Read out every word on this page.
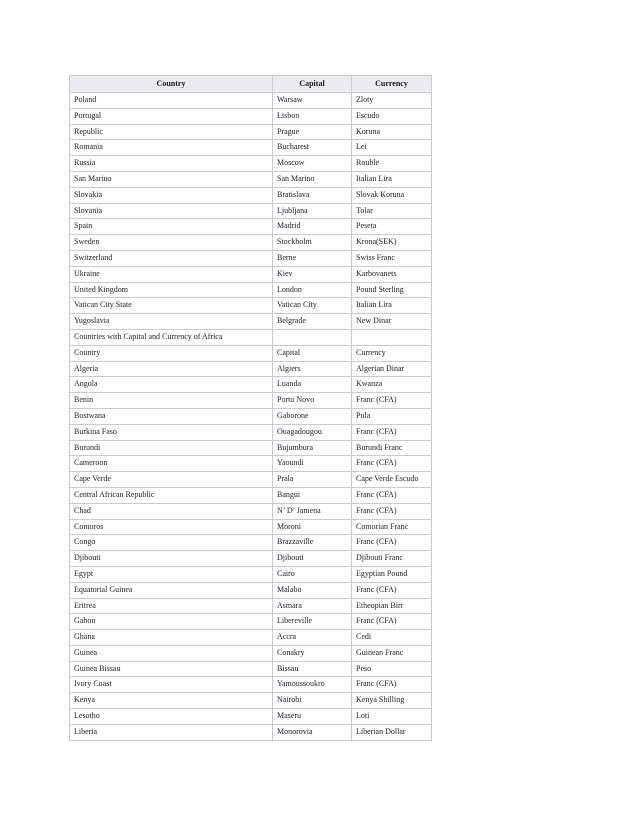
Country	Capital	Currency
Poland	Warsaw	Zloty
Portugal	Lisbon	Escudo
Republic	Prague	Koruna
Romania	Bucharest	Lei
Russia	Moscow	Rouble
San Marino	San Marino	Italian Lira
Slovakia	Bratislava	Slovak Koruna
Slovania	Ljubljana	Tolar
Spain	Madrid	Peseta
Sweden	Stockholm	Krona(SEK)
Switzerland	Berne	Swiss Franc
Ukraine	Kiev	Karbovanets
United Kingdom	London	Pound Sterling
Vatican City State	Vatican City	Italian Lira
Yugoslavia	Belgrade	New Dinar
Countries with Capital and Currency of Africa		
Country	Capital	Currency
Algeria	Algiers	Algerian Dinar
Angola	Luanda	Kwanza
Benin	Porto Novo	Franc (CFA)
Bostwana	Gaborone	Pula
Burkina Faso	Ouagadougou	Franc (CFA)
Burundi	Bujumbura	Burundi Franc
Cameroon	Yaoundi	Franc (CFA)
Cape Verde	Prala	Cape Verde Escudo
Central African Republic	Bangui	Franc (CFA)
Chad	N’ D’ Jamena	Franc (CFA)
Comoros	Moroni	Comorian Franc
Congo	Brazzaville	Franc (CFA)
Djibouti	Djibouti	Djibouti Franc
Egypt	Cairo	Egyptian Pound
Equatorial Guinea	Malabo	Franc (CFA)
Eritrea	Asmara	Etheopian Birr
Gabon	Libereville	Franc (CFA)
Ghana	Accra	Cedi
Guinea	Conakry	Guinean Franc
Guinea Bissau	Bissau	Peso
Ivory Coast	Yamoussoukro	Franc (CFA)
Kenya	Nairobi	Kenya Shilling
Lesotho	Maseru	Loti
Liberia	Monorovia	Liberian Dollar
